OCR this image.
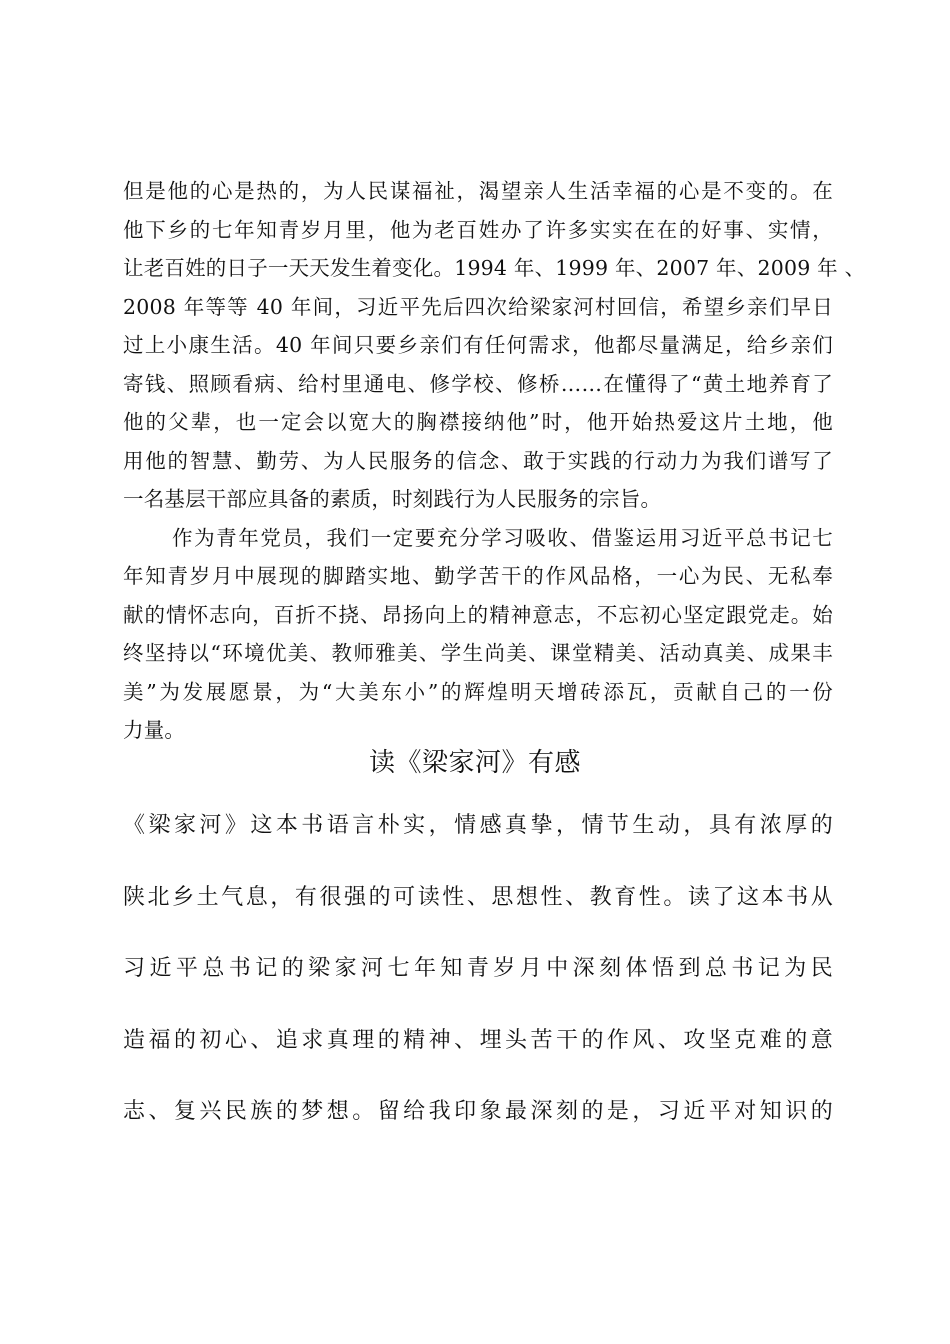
但是他的心是热的，为人民谋福祉，渴望亲人生活幸福的心是不变的。在
他下乡的七年知青岁月里，他为老百姓办了许多实实在在的好事、实情，
让老百姓的日子一天天发生着变化。1994 年、1999 年、2007 年、2009 年 、
2008 年等等 40 年间，习近平先后四次给梁家河村回信，希望乡亲们早日
过上小康生活。40 年间只要乡亲们有任何需求，他都尽量满足，给乡亲们
寄钱、照顾看病、给村里通电、修学校、修桥……在懂得了“黄土地养育了
他的父辈，也一定会以宽大的胸襟接纳他”时，他开始热爱这片土地，他
用他的智慧、勤劳、为人民服务的信念、敢于实践的行动力为我们谱写了
一名基层干部应具备的素质，时刻践行为人民服务的宗旨。
作为青年党员，我们一定要充分学习吸收、借鉴运用习近平总书记七
年知青岁月中展现的脚踏实地、勤学苦干的作风品格，一心为民、无私奉
献的情怀志向，百折不挠、昂扬向上的精神意志，不忘初心坚定跟党走。始
终坚持以“环境优美、教师雅美、学生尚美、课堂精美、活动真美、成果丰
美”为发展愿景，为“大美东小”的辉煌明天增砖添瓦，贡献自己的一份
力量。
读《梁家河》有感
《梁家河》这本书语言朴实，情感真挚，情节生动，具有浓厚的
陕北乡土气息，有很强的可读性、思想性、教育性。读了这本书从
习近平总书记的梁家河七年知青岁月中深刻体悟到总书记为民
造福的初心、追求真理的精神、埋头苦干的作风、攻坚克难的意
志、复兴民族的梦想。留给我印象最深刻的是，习近平对知识的
